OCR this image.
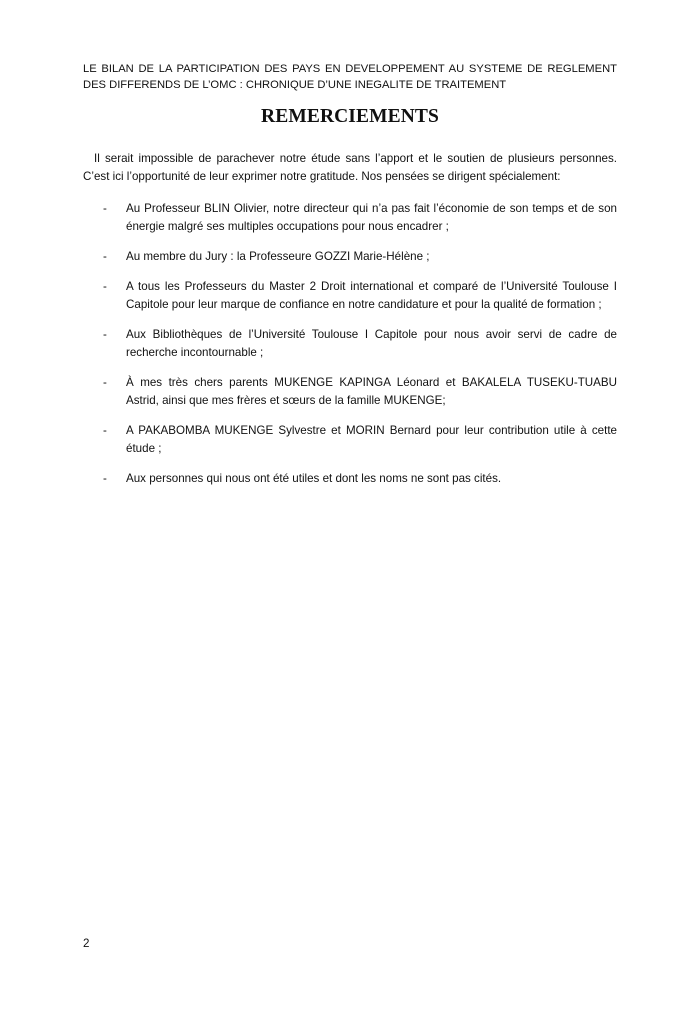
LE BILAN DE LA PARTICIPATION DES PAYS EN DEVELOPPEMENT AU SYSTEME DE REGLEMENT DES DIFFERENDS DE L’OMC : CHRONIQUE D’UNE INEGALITE DE TRAITEMENT
REMERCIEMENTS

Il serait impossible de parachever notre étude sans l’apport et le soutien de plusieurs personnes. C’est ici l’opportunité de leur exprimer notre gratitude. Nos pensées se dirigent spécialement:

- Au Professeur BLIN Olivier, notre directeur qui n’a pas fait l’économie de son temps et de son énergie malgré ses multiples occupations pour nous encadrer ;
- Au membre du Jury : la Professeure GOZZI Marie-Hélène ;
- A tous les Professeurs du Master 2 Droit international et comparé de l’Université Toulouse I Capitole pour leur marque de confiance en notre candidature et pour la qualité de formation ;
- Aux Bibliothèques de l’Université Toulouse I Capitole pour nous avoir servi de cadre de recherche incontournable ;
- À mes très chers parents MUKENGE KAPINGA Léonard et BAKALELA TUSEKU-TUABU Astrid, ainsi que mes frères et sœurs de la famille MUKENGE;
- A PAKABOMBA MUKENGE Sylvestre et MORIN Bernard pour leur contribution utile à cette étude ;
- Aux personnes qui nous ont été utiles et dont les noms ne sont pas cités.
2
